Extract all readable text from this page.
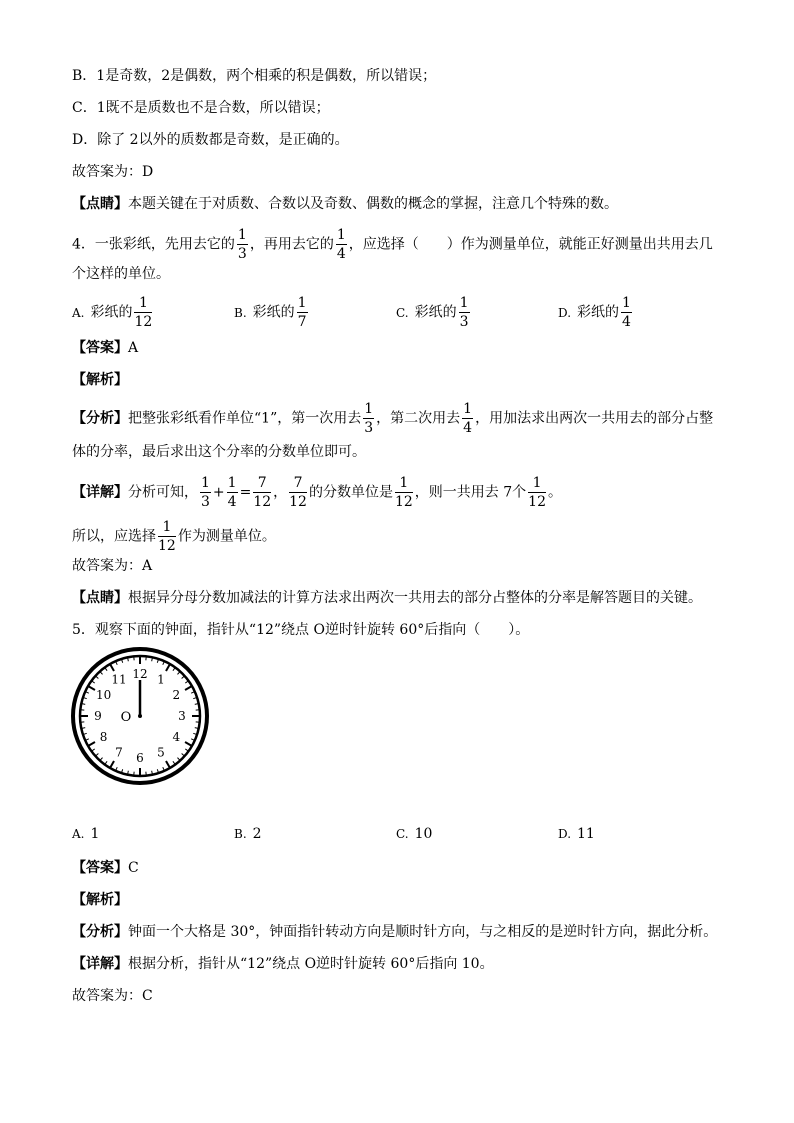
B．1是奇数，2是偶数，两个相乘的积是偶数，所以错误；
C．1既不是质数也不是合数，所以错误；
D．除了 2以外的质数都是奇数，是正确的。
故答案为：D
【点睛】本题关键在于对质数、合数以及奇数、偶数的概念的掌握，注意几个特殊的数。
4．一张彩纸，先用去它的 $\frac{1}{3}$ ，再用去它的 $\frac{1}{4}$ ，应选择（　　）作为测量单位，就能正好测量出共用去几
个这样的单位。
A. 彩纸的 $\frac{1}{12}$	B. 彩纸的 $\frac{1}{7}$	C. 彩纸的 $\frac{1}{3}$	D. 彩纸的 $\frac{1}{4}$
【答案】A
【解析】
【分析】把整张彩纸看作单位“1”，第一次用去 $\frac{1}{3}$ ，第二次用去 $\frac{1}{4}$ ，用加法求出两次一共用去的部分占整
体的分率，最后求出这个分率的分数单位即可。
【详解】分析可知， $\frac{1}{3} + \frac{1}{4} = \frac{7}{12}$ ， $\frac{7}{12}$ 的分数单位是 $\frac{1}{12}$ ，则一共用去 7个 $\frac{1}{12}$ 。
所以，应选择 $\frac{1}{12}$ 作为测量单位。
故答案为：A
【点睛】根据异分母分数加减法的计算方法求出两次一共用去的部分占整体的分率是解答题目的关键。
5．观察下面的钟面，指针从“12”绕点 O逆时针旋转 60°后指向（　　）。
12 1
2
3
4
5
6
7
8
9
10
11
O
A. 1	B. 2	C. 10	D. 11
【答案】C
【解析】
【分析】钟面一个大格是 30°，钟面指针转动方向是顺时针方向，与之相反的是逆时针方向，据此分析。
【详解】根据分析，指针从“12”绕点 O逆时针旋转 60°后指向 10。
故答案为：C
